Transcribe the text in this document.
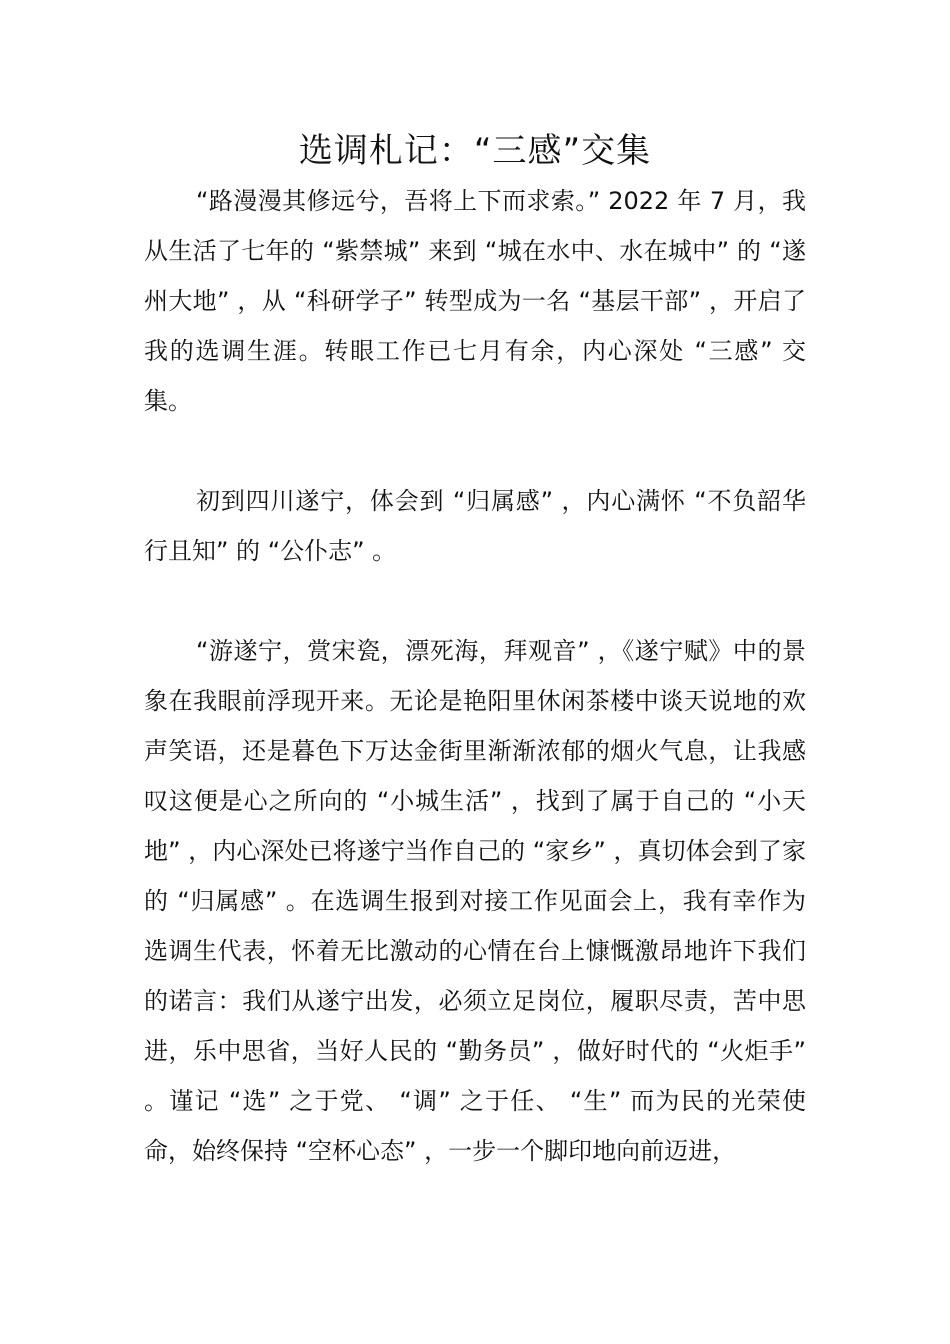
选调札记：“三感”交集

“路漫漫其修远兮，吾将上下而求索。” 2022 年 7 月，我从生活了七年的 “紫禁城” 来到 “城在水中、水在城中” 的 “遂州大地” ，从 “科研学子” 转型成为一名 “基层干部” ，开启了我的选调生涯。转眼工作已七月有余，内心深处 “三感” 交集。

初到四川遂宁，体会到 “归属感” ，内心满怀 “不负韶华行且知” 的 “公仆志” 。

“游遂宁，赏宋瓷，漂死海，拜观音” ，《遂宁赋》中的景象在我眼前浮现开来。无论是艳阳里休闲茶楼中谈天说地的欢声笑语，还是暮色下万达金街里渐渐浓郁的烟火气息，让我感叹这便是心之所向的 “小城生活” ，找到了属于自己的 “小天地” ，内心深处已将遂宁当作自己的 “家乡” ，真切体会到了家的 “归属感” 。在选调生报到对接工作见面会上，我有幸作为选调生代表，怀着无比激动的心情在台上慷慨激昂地许下我们的诺言：我们从遂宁出发，必须立足岗位，履职尽责，苦中思进，乐中思省，当好人民的 “勤务员” ，做好时代的 “火炬手” 。谨记 “选” 之于党、 “调” 之于任、 “生” 而为民的光荣使命，始终保持 “空杯心态” ，一步一个脚印地向前迈进，
